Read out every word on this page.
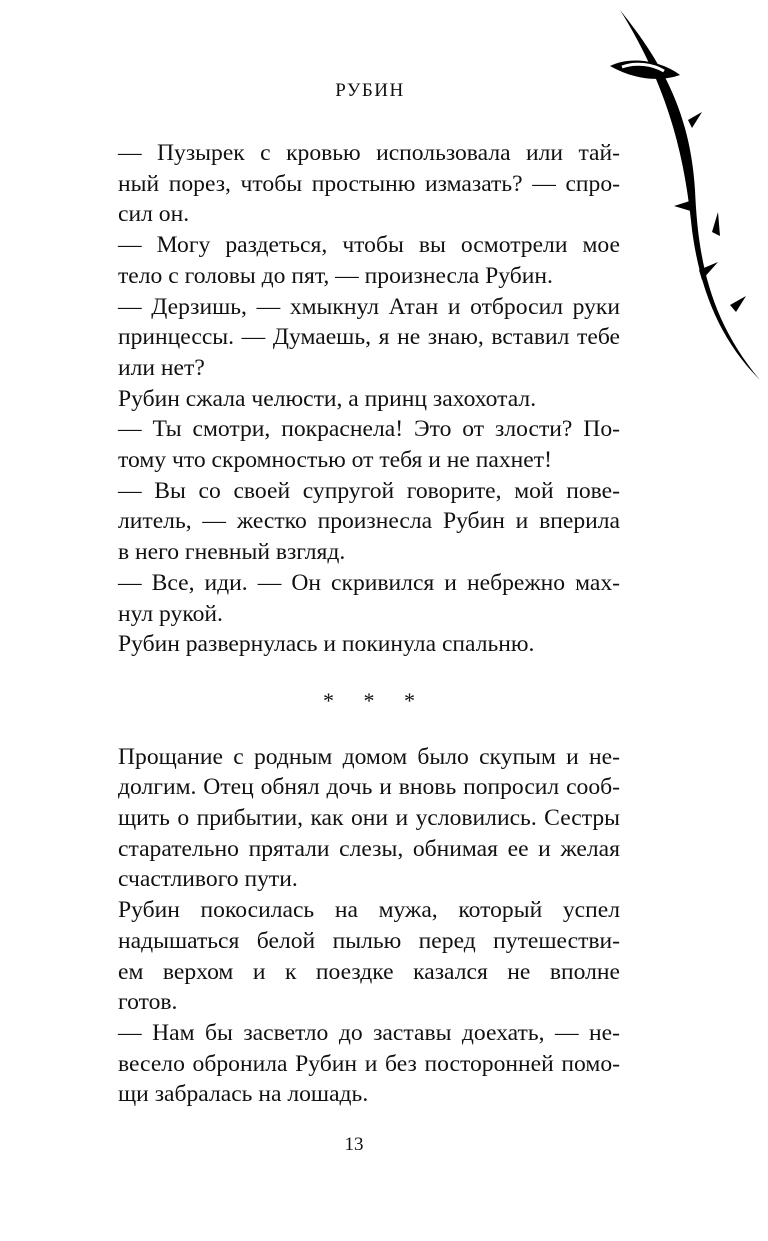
РУБИН

— Пузырек с кровью использовала или тай-
ный порез, чтобы простыню измазать? — спро-
сил он.

— Могу раздеться, чтобы вы осмотрели мое
тело с головы до пят, — произнесла Рубин.

— Дерзишь, — хмыкнул Атан и отбросил руки
принцессы. — Думаешь, я не знаю, вставил тебе
или нет?

Рубин сжала челюсти, а принц захохотал.

— Ты смотри, покраснела! Это от злости? По-
тому что скромностью от тебя и не пахнет!

— Вы со своей супругой говорите, мой пове-
литель, — жестко произнесла Рубин и вперила
в него гневный взгляд.

— Все, иди. — Он скривился и небрежно мах-
нул рукой.

Рубин развернулась и покинула спальню.

* * *

Прощание с родным домом было скупым и не-
долгим. Отец обнял дочь и вновь попросил сооб-
щить о прибытии, как они и условились. Сестры
старательно прятали слезы, обнимая ее и желая
счастливого пути.

Рубин покосилась на мужа, который успел
надышаться белой пылью перед путешестви-
ем верхом и к поездке казался не вполне
готов.

— Нам бы засветло до заставы доехать, — не-
весело обронила Рубин и без посторонней помо-
щи забралась на лошадь.

13
